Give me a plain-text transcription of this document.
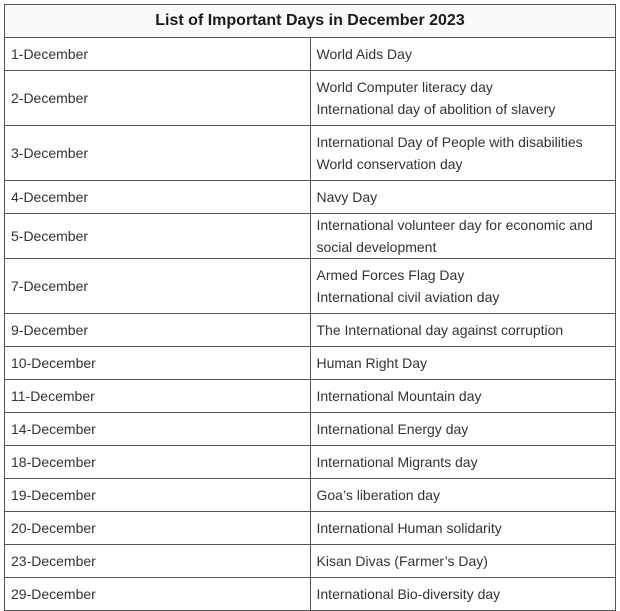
List of Important Days in December 2023	
1-December	World Aids Day

2-December	World Computer literacy day
International day of abolition of slavery

3-December	International Day of People with disabilities
World conservation day

4-December	Navy Day

5-December	International volunteer day for economic and social development

7-December	Armed Forces Flag Day
International civil aviation day

9-December	The International day against corruption

10-December	Human Right Day

11-December	International Mountain day

14-December	International Energy day

18-December	International Migrants day

19-December	Goa’s liberation day

20-December	International Human solidarity

23-December	Kisan Divas (Farmer’s Day)

29-December	International Bio-diversity day
